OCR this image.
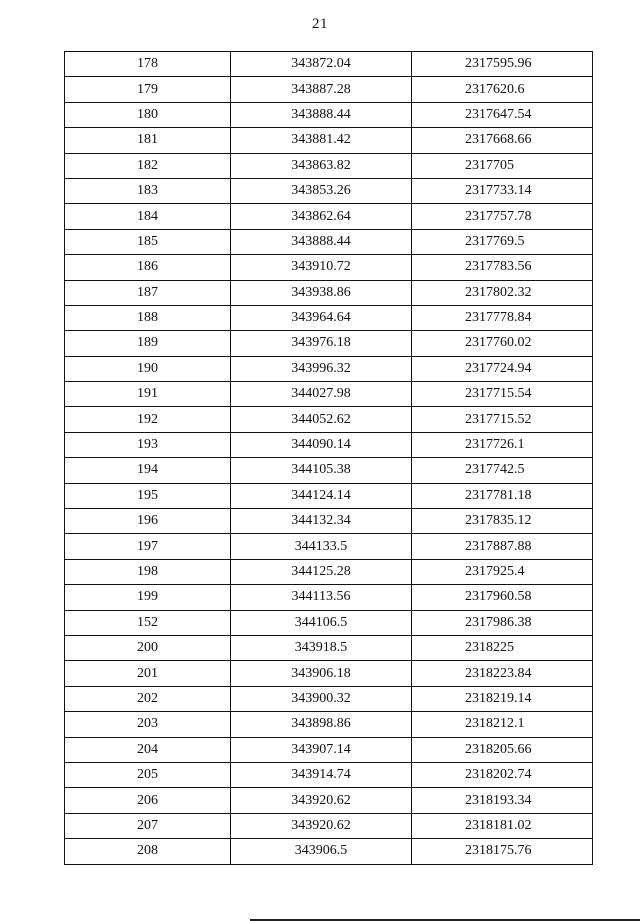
21
178	343872.04	2317595.96
179	343887.28	2317620.6
180	343888.44	2317647.54
181	343881.42	2317668.66
182	343863.82	2317705
183	343853.26	2317733.14
184	343862.64	2317757.78
185	343888.44	2317769.5
186	343910.72	2317783.56
187	343938.86	2317802.32
188	343964.64	2317778.84
189	343976.18	2317760.02
190	343996.32	2317724.94
191	344027.98	2317715.54
192	344052.62	2317715.52
193	344090.14	2317726.1
194	344105.38	2317742.5
195	344124.14	2317781.18
196	344132.34	2317835.12
197	344133.5	2317887.88
198	344125.28	2317925.4
199	344113.56	2317960.58
152	344106.5	2317986.38
200	343918.5	2318225
201	343906.18	2318223.84
202	343900.32	2318219.14
203	343898.86	2318212.1
204	343907.14	2318205.66
205	343914.74	2318202.74
206	343920.62	2318193.34
207	343920.62	2318181.02
208	343906.5	2318175.76
